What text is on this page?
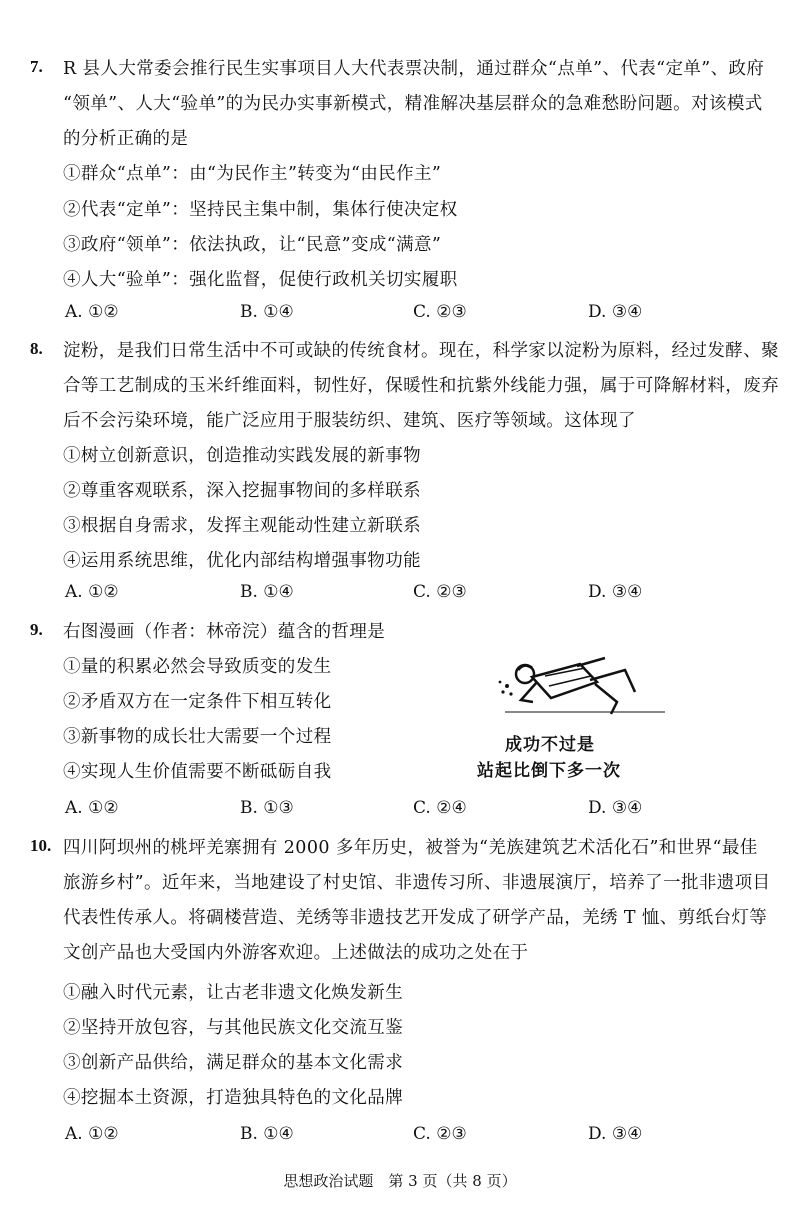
7. R 县人大常委会推行民生实事项目人大代表票决制，通过群众“点单”、代表“定单”、政府
“领单”、人大“验单”的为民办实事新模式，精准解决基层群众的急难愁盼问题。对该模式
的分析正确的是
①群众“点单”：由“为民作主”转变为“由民作主”
②代表“定单”：坚持民主集中制，集体行使决定权
③政府“领单”：依法执政，让“民意”变成“满意”
④人大“验单”：强化监督，促使行政机关切实履职
A. ①②	B. ①④	C. ②③	D. ③④
8. 淀粉，是我们日常生活中不可或缺的传统食材。现在，科学家以淀粉为原料，经过发酵、聚
合等工艺制成的玉米纤维面料，韧性好，保暖性和抗紫外线能力强，属于可降解材料，废弃
后不会污染环境，能广泛应用于服装纺织、建筑、医疗等领域。这体现了
①树立创新意识，创造推动实践发展的新事物
②尊重客观联系，深入挖掘事物间的多样联系
③根据自身需求，发挥主观能动性建立新联系
④运用系统思维，优化内部结构增强事物功能
A. ①②	B. ①④	C. ②③	D. ③④
9. 右图漫画（作者：林帝浣）蕴含的哲理是
①量的积累必然会导致质变的发生
②矛盾双方在一定条件下相互转化
③新事物的成长壮大需要一个过程
④实现人生价值需要不断砥砺自我
成功不过是
站起比倒下多一次
A. ①②	B. ①③	C. ②④	D. ③④
10. 四川阿坝州的桃坪羌寨拥有 2000 多年历史，被誉为“羌族建筑艺术活化石”和世界“最佳
旅游乡村”。近年来，当地建设了村史馆、非遗传习所、非遗展演厅，培养了一批非遗项目
代表性传承人。将碉楼营造、羌绣等非遗技艺开发成了研学产品，羌绣 T 恤、剪纸台灯等
文创产品也大受国内外游客欢迎。上述做法的成功之处在于
①融入时代元素，让古老非遗文化焕发新生
②坚持开放包容，与其他民族文化交流互鉴
③创新产品供给，满足群众的基本文化需求
④挖掘本土资源，打造独具特色的文化品牌
A. ①②	B. ①④	C. ②③	D. ③④
思想政治试题　第 3 页（共 8 页）
